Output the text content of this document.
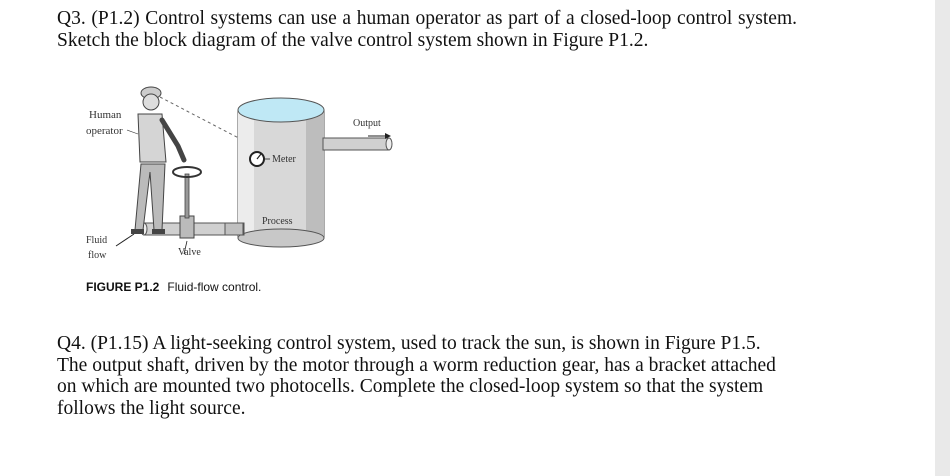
Q3. (P1.2) Control systems can use a human operator as part of a closed-loop control system. Sketch the block diagram of the valve control system shown in Figure P1.2.

Human
operator
Output
Meter
Process
Fluid
flow	Valve
FIGURE P1.2 Fluid-flow control.

Q4. (P1.15) A light-seeking control system, used to track the sun, is shown in Figure P1.5. The output shaft, driven by the motor through a worm reduction gear, has a bracket attached on which are mounted two photocells. Complete the closed-loop system so that the system follows the light source.
